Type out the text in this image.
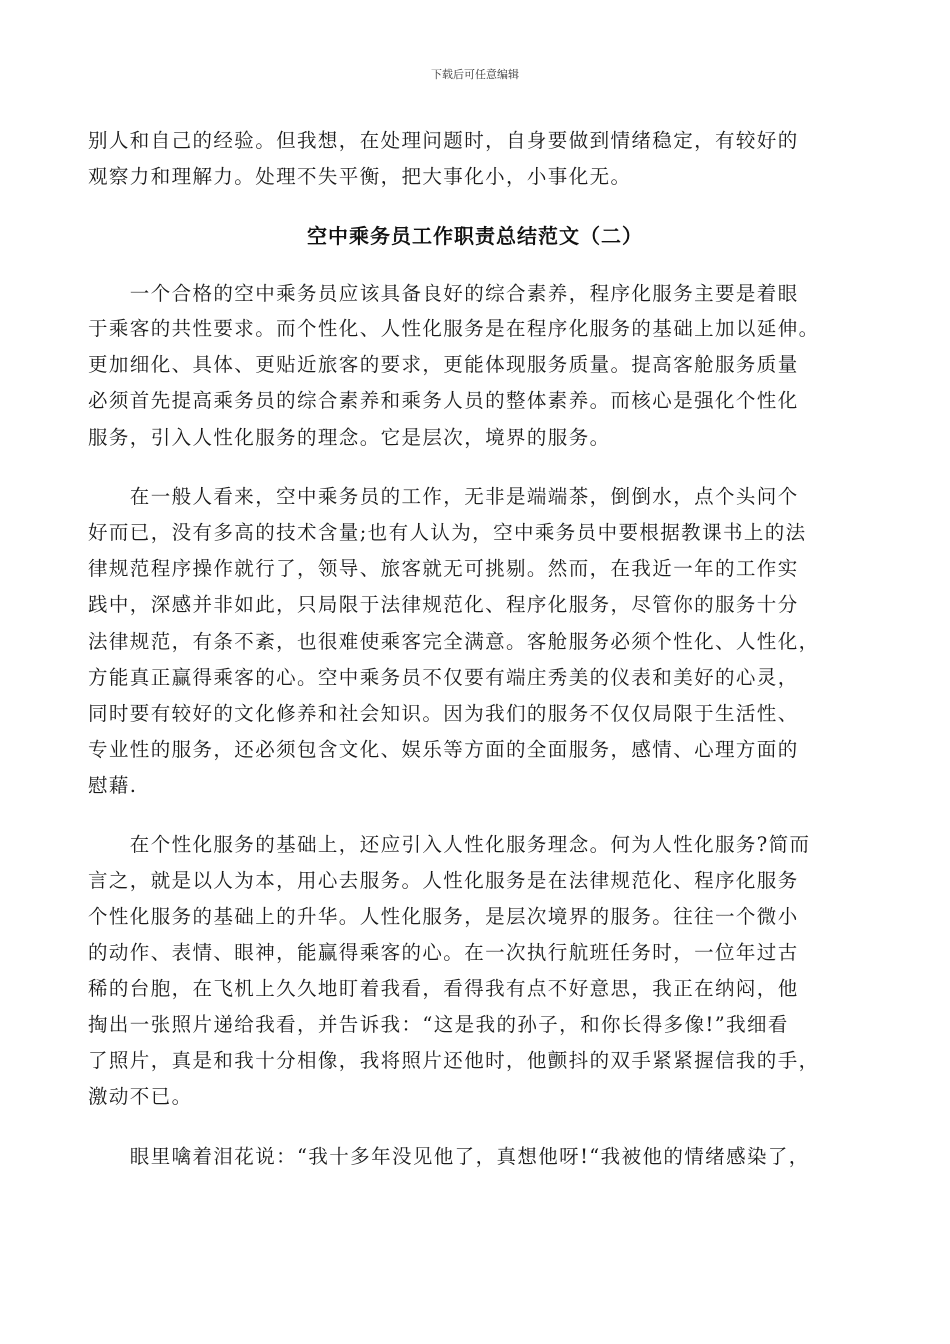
下载后可任意编辑
别人和自己的经验。但我想，在处理问题时，自身要做到情绪稳定，有较好的
观察力和理解力。处理不失平衡，把大事化小，小事化无。
空中乘务员工作职责总结范文（二）
　　一个合格的空中乘务员应该具备良好的综合素养，程序化服务主要是着眼
于乘客的共性要求。而个性化、人性化服务是在程序化服务的基础上加以延伸。
更加细化、具体、更贴近旅客的要求，更能体现服务质量。提高客舱服务质量
必须首先提高乘务员的综合素养和乘务人员的整体素养。而核心是强化个性化
服务，引入人性化服务的理念。它是层次，境界的服务。
　　在一般人看来，空中乘务员的工作，无非是端端茶，倒倒水，点个头问个
好而已，没有多高的技术含量;也有人认为，空中乘务员中要根据教课书上的法
律规范程序操作就行了，领导、旅客就无可挑剔。然而，在我近一年的工作实
践中，深感并非如此，只局限于法律规范化、程序化服务，尽管你的服务十分
法律规范，有条不紊，也很难使乘客完全满意。客舱服务必须个性化、人性化，
方能真正赢得乘客的心。空中乘务员不仅要有端庄秀美的仪表和美好的心灵，
同时要有较好的文化修养和社会知识。因为我们的服务不仅仅局限于生活性、
专业性的服务，还必须包含文化、娱乐等方面的全面服务，感情、心理方面的
慰藉.
　　在个性化服务的基础上，还应引入人性化服务理念。何为人性化服务?简而
言之，就是以人为本，用心去服务。人性化服务是在法律规范化、程序化服务
个性化服务的基础上的升华。人性化服务，是层次境界的服务。往往一个微小
的动作、表情、眼神，能赢得乘客的心。在一次执行航班任务时，一位年过古
稀的台胞，在飞机上久久地盯着我看，看得我有点不好意思，我正在纳闷，他
掏出一张照片递给我看，并告诉我：“这是我的孙子，和你长得多像!”我细看
了照片，真是和我十分相像，我将照片还他时，他颤抖的双手紧紧握信我的手，
激动不已。
　　眼里噙着泪花说：“我十多年没见他了，真想他呀!“我被他的情绪感染了，
